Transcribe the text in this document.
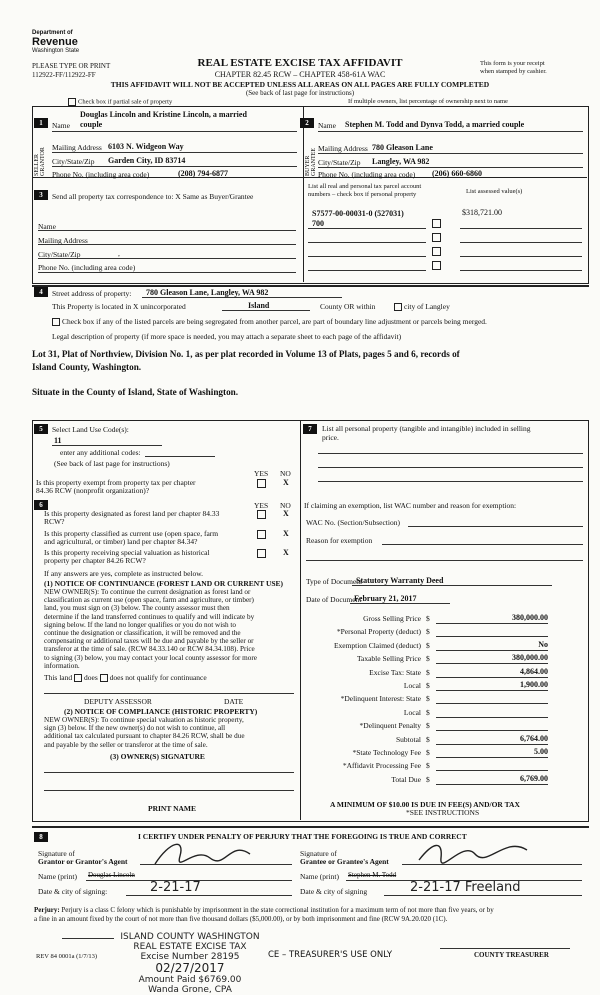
Department of
Revenue
Washington State
PLEASE TYPE OR PRINT
112922-FF/112922-FF
REAL ESTATE EXCISE TAX AFFIDAVIT
CHAPTER 82.45 RCW – CHAPTER 458-61A WAC
This form is your receipt
when stamped by cashier.
THIS AFFIDAVIT WILL NOT BE ACCEPTED UNLESS ALL AREAS ON ALL PAGES ARE FULLY COMPLETED
(See back of last page for instructions)
Check box if partial sale of property	If multiple owners, list percentage of ownership next to name
1
SELLER GRANTOR
Douglas Lincoln and Kristine Lincoln, a married
Name couple
Mailing Address 6103 N. Widgeon Way
City/State/Zip Garden City, ID 83714
Phone No. (including area code)	(208) 794-6877
2
BUYER GRANTEE
Name Stephen M. Todd and Dynva Todd, a married couple
Mailing Address 780 Gleason Lane
City/State/Zip Langley, WA 982
Phone No. (including area code) (206) 660-6860
3	Send all property tax correspondence to: X Same as Buyer/Grantee
Name
Mailing Address
City/State/Zip	,
Phone No. (including area code)
List all real and personal tax parcel account
numbers – check box if personal property	List assessed value(s)
S7577-00-00031-0 (527031)
700
$318,721.00
4	Street address of property: 780 Gleason Lane, Langley, WA 982
This Property is located in X unincorporated	Island	County OR within	city of Langley
Check box if any of the listed parcels are being segregated from another parcel, are part of boundary line adjustment or parcels being merged.
Legal description of property (if more space is needed, you may attach a separate sheet to each page of the affidavit)
Lot 31, Plat of Northview, Division No. 1, as per plat recorded in Volume 13 of Plats, pages 5 and 6, records of
Island County, Washington.
Situate in the County of Island, State of Washington.
5	Select Land Use Code(s):
11
enter any additional codes:
(See back of last page for instructions)
YES NO
Is this property exempt from property tax per chapter
84.36 RCW (nonprofit organization)?
X
6	YES NO
Is this property designated as forest land per chapter 84.33
RCW?
X
Is this property classified as current use (open space, farm
and agricultural, or timber) land per chapter 84.34?
X
Is this property receiving special valuation as historical
property per chapter 84.26 RCW?
X
If any answers are yes, complete as instructed below.
(1) NOTICE OF CONTINUANCE (FOREST LAND OR CURRENT USE)
NEW OWNER(S): To continue the current designation as forest land or
classification as current use (open space, farm and agriculture, or timber)
land, you must sign on (3) below. The county assessor must then
determine if the land transferred continues to qualify and will indicate by
signing below. If the land no longer qualifies or you do not wish to
continue the designation or classification, it will be removed and the
compensating or additional taxes will be due and payable by the seller or
transferor at the time of sale. (RCW 84.33.140 or RCW 84.34.108). Price
to signing (3) below, you may contact your local county assessor for more
information.
This land does does not qualify for continuance
DEPUTY ASSESSOR	DATE
(2) NOTICE OF COMPLIANCE (HISTORIC PROPERTY)
NEW OWNER(S): To continue special valuation as historic property,
sign (3) below. If the new owner(s) do not wish to continue, all
additional tax calculated pursuant to chapter 84.26 RCW, shall be due
and payable by the seller or transferor at the time of sale.
(3) OWNER(S) SIGNATURE
PRINT NAME
7	List all personal property (tangible and intangible) included in selling
price.
If claiming an exemption, list WAC number and reason for exemption:
WAC No. (Section/Subsection)
Reason for exemption
Type of Document
Statutory Warranty Deed
Date of Document
February 21, 2017
Gross Selling Price $	380,000.00
*Personal Property (deduct) $
Exemption Claimed (deduct) $	No
Taxable Selling Price $	380,000.00
Excise Tax: State $	4,864.00
Local $	1,900.00
*Delinquent Interest: State $
Local $
*Delinquent Penalty $
Subtotal $	6,764.00
*State Technology Fee $	5.00
*Affidavit Processing Fee $
Total Due $	6,769.00
A MINIMUM OF $10.00 IS DUE IN FEE(S) AND/OR TAX
*SEE INSTRUCTIONS
8	I CERTIFY UNDER PENALTY OF PERJURY THAT THE FOREGOING IS TRUE AND CORRECT
Signature of
Grantor or Grantor's Agent
Signature of
Grantee or Grantee's Agent
Name (print) Douglas Lincoln	Name (print) Stephen M. Todd
Date & city of signing:	2-21-17	Date & city of signing	2-21-17 Freeland
Perjury: Perjury is a class C felony which is punishable by imprisonment in the state correctional institution for a maximum term of not more than five years, or by
a fine in an amount fixed by the court of not more than five thousand dollars ($5,000.00), or by both imprisonment and fine (RCW 9A.20.020 (1C).
REV 84 0001a (1/7/13)	CE – TREASURER'S USE ONLY	COUNTY TREASURER
ISLAND COUNTY WASHINGTON
REAL ESTATE EXCISE TAX
Excise Number 28195
02/27/2017
Amount Paid $6769.00
Wanda Grone, CPA
